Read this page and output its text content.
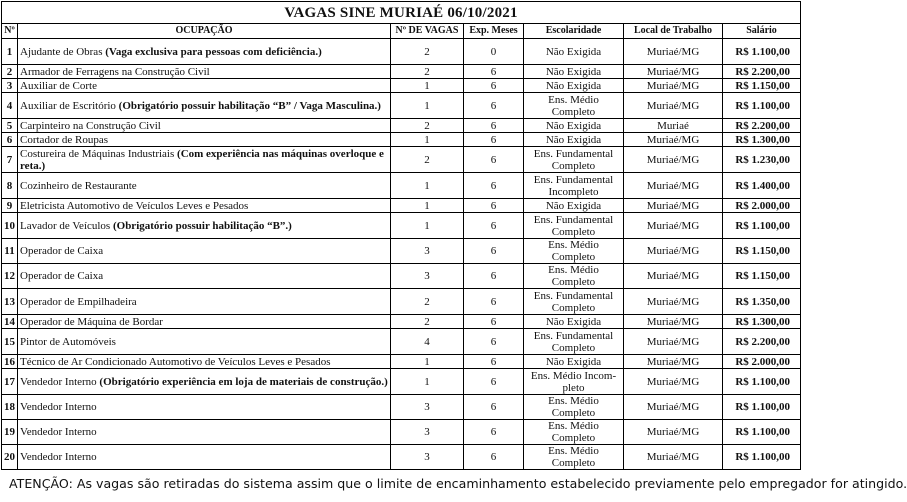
VAGAS SINE MURIAÉ 06/10/2021						
Nº	OCUPAÇÃO	Nº DE VAGAS	Exp. Meses	Escolaridade	Local de Trabalho	Salário
1	Ajudante de Obras (Vaga exclusiva para pessoas com deficiência.)	2	0	Não Exigida	Muriaé/MG	R$ 1.100,00
2	Armador de Ferragens na Construção Civil	2	6	Não Exigida	Muriaé/MG	R$ 2.200,00
3	Auxiliar de Corte	1	6	Não Exigida	Muriaé/MG	R$ 1.150,00
4	Auxiliar de Escritório (Obrigatório possuir habilitação “B” / Vaga Masculina.)	1	6	Ens. Médio Completo	Muriaé/MG	R$ 1.100,00
5	Carpinteiro na Construção Civil	2	6	Não Exigida	Muriaé	R$ 2.200,00
6	Cortador de Roupas	1	6	Não Exigida	Muriaé/MG	R$ 1.300,00
7	Costureira de Máquinas Industriais (Com experiência nas máquinas overloque e reta.)	2	6	Ens. Fundamental Completo	Muriaé/MG	R$ 1.230,00
8	Cozinheiro de Restaurante	1	6	Ens. Fundamental Incompleto	Muriaé/MG	R$ 1.400,00
9	Eletricista Automotivo de Veículos Leves e Pesados	1	6	Não Exigida	Muriaé/MG	R$ 2.000,00
10	Lavador de Veículos (Obrigatório possuir habilitação “B”.)	1	6	Ens. Fundamental Completo	Muriaé/MG	R$ 1.100,00
11	Operador de Caixa	3	6	Ens. Médio Completo	Muriaé/MG	R$ 1.150,00
12	Operador de Caixa	3	6	Ens. Médio Completo	Muriaé/MG	R$ 1.150,00
13	Operador de Empilhadeira	2	6	Ens. Fundamental Completo	Muriaé/MG	R$ 1.350,00
14	Operador de Máquina de Bordar	2	6	Não Exigida	Muriaé/MG	R$ 1.300,00
15	Pintor de Automóveis	4	6	Ens. Fundamental Completo	Muriaé/MG	R$ 2.200,00
16	Técnico de Ar Condicionado Automotivo de Veículos Leves e Pesados	1	6	Não Exigida	Muriaé/MG	R$ 2.000,00
17	Vendedor Interno (Obrigatório experiência em loja de materiais de construção.)	1	6	Ens. Médio Incom-pleto	Muriaé/MG	R$ 1.100,00
18	Vendedor Interno	3	6	Ens. Médio Completo	Muriaé/MG	R$ 1.100,00
19	Vendedor Interno	3	6	Ens. Médio Completo	Muriaé/MG	R$ 1.100,00
20	Vendedor Interno	3	6	Ens. Médio Completo	Muriaé/MG	R$ 1.100,00
ATENÇÃO: As vagas são retiradas do sistema assim que o limite de encaminhamento estabelecido previamente pelo empregador for atingido.
